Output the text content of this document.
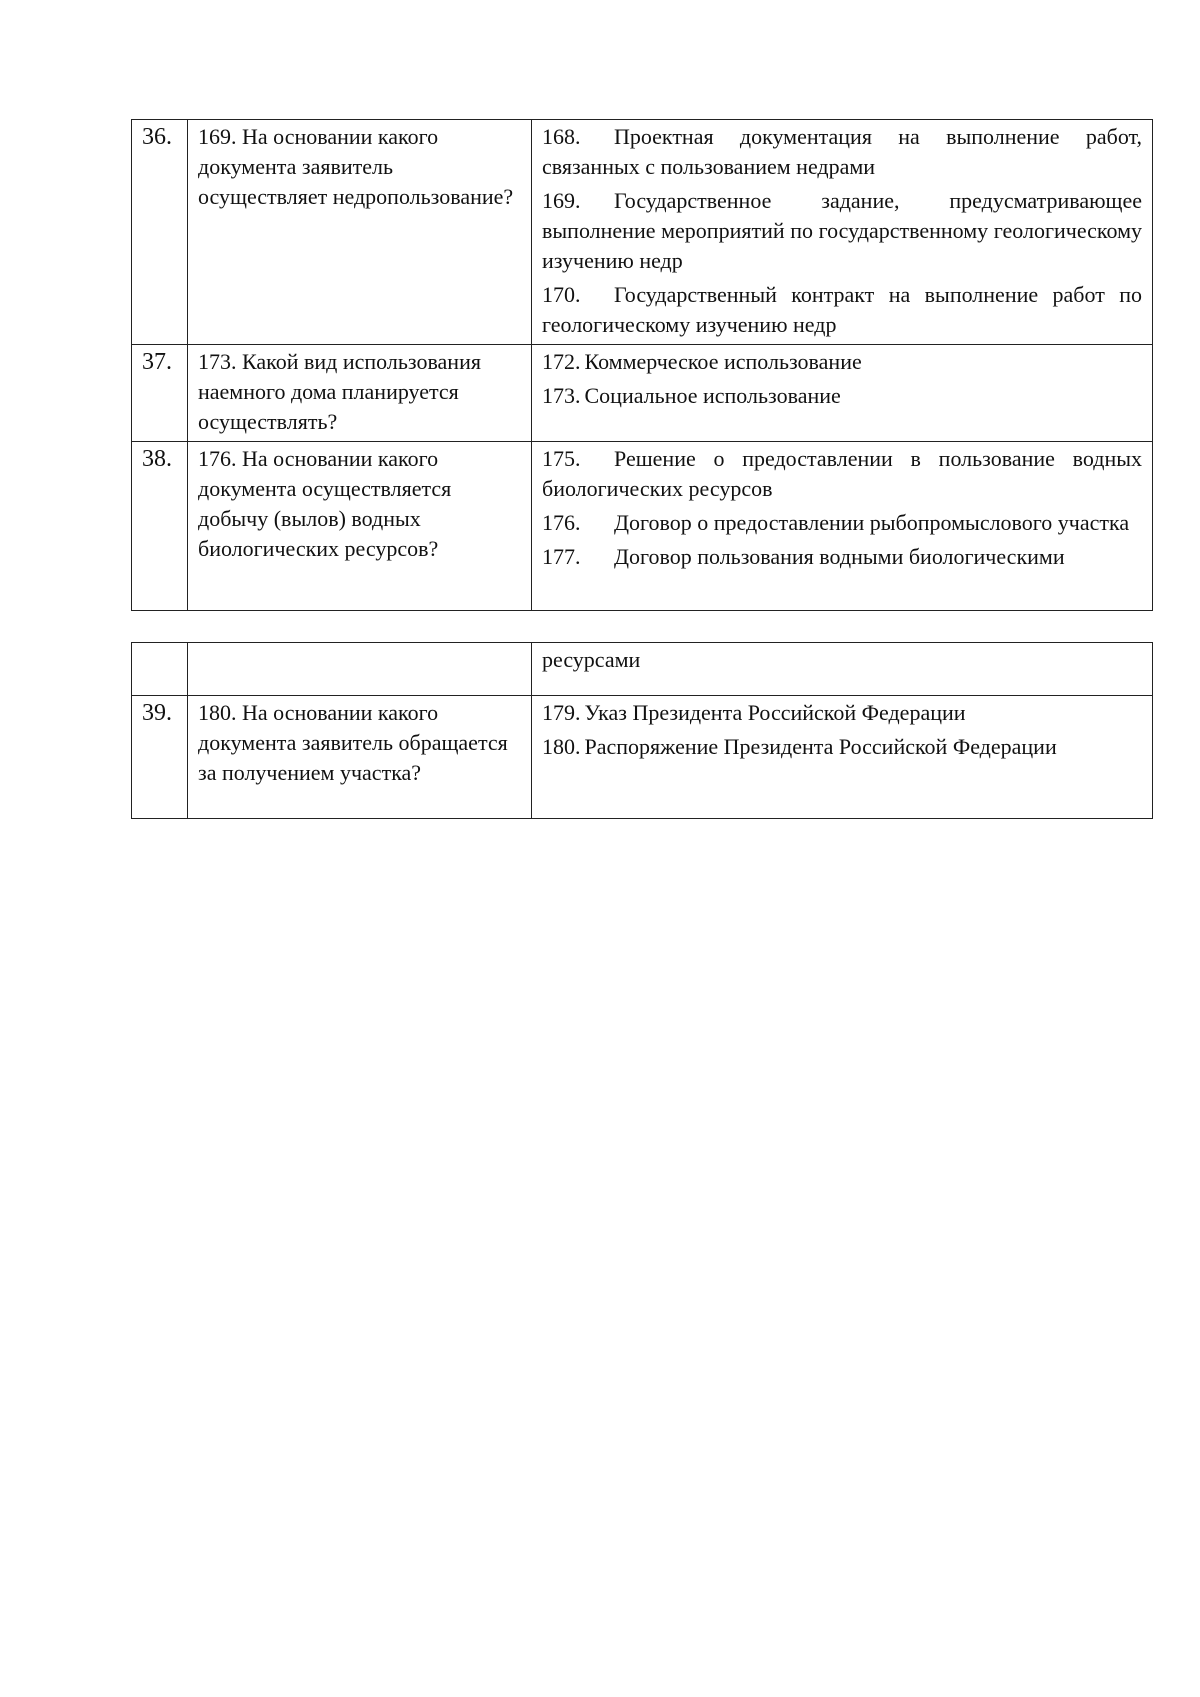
36.	169. На основании какого документа заявитель осуществляет недропользование?	168. Проектная документация на выполнение работ, связанных с пользованием недрами
169. Государственное задание, предусматривающее выполнение мероприятий по государственному геологическому изучению недр
170. Государственный контракт на выполнение работ по геологическому изучению недр

37.	173. Какой вид использования наемного дома планируется осуществлять?	172. Коммерческое использование
173. Социальное использование

38.	176. На основании какого документа осуществляется добычу (вылов) водных биологических ресурсов?	175. Решение о предоставлении в пользование водных биологических ресурсов
176. Договор о предоставлении рыбопромыслового участка
177. Договор пользования водными биологическими
		ресурсами
39.	180. На основании какого документа заявитель обращается за получением участка?	179. Указ Президента Российской Федерации
180. Распоряжение Президента Российской Федерации
